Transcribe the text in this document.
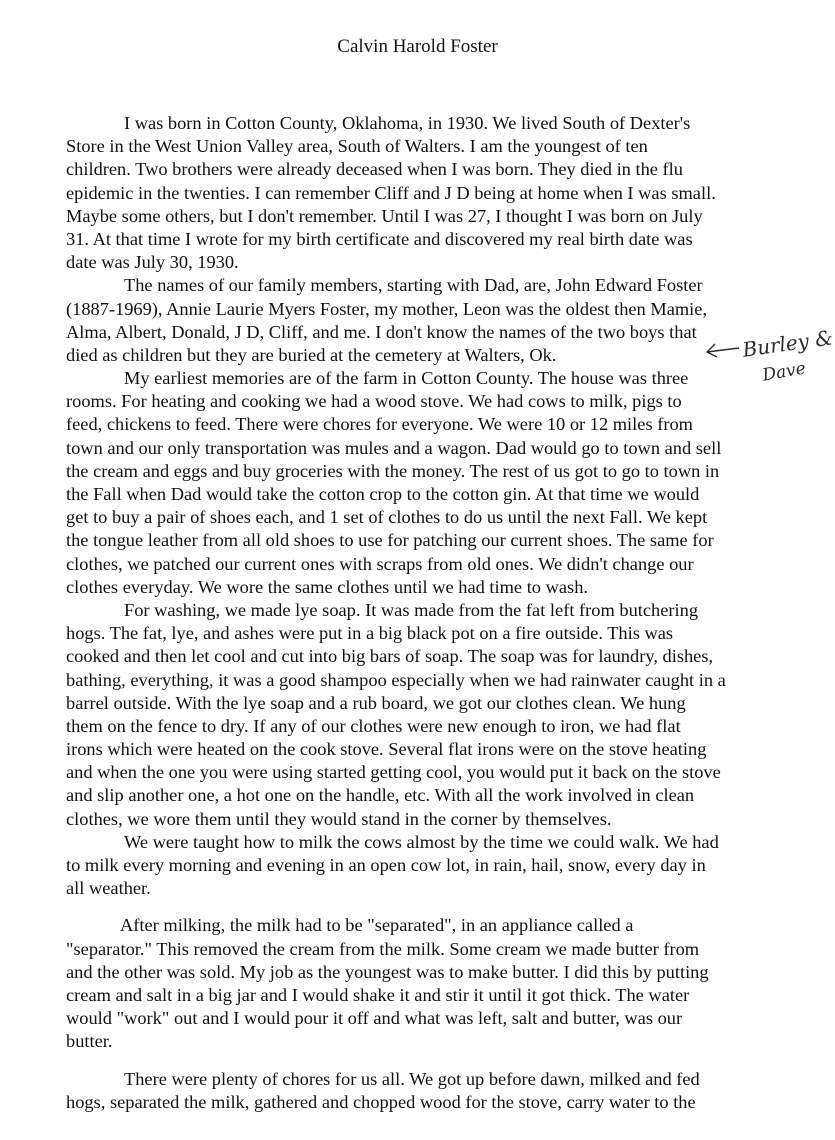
Calvin Harold Foster
I was born in Cotton County, Oklahoma, in 1930. We lived South of Dexter's
Store in the West Union Valley area, South of Walters. I am the youngest of ten
children. Two brothers were already deceased when I was born. They died in the flu
epidemic in the twenties. I can remember Cliff and J D being at home when I was small.
Maybe some others, but I don't remember. Until I was 27, I thought I was born on July
31. At that time I wrote for my birth certificate and discovered my real birth date was
date was July 30, 1930.
The names of our family members, starting with Dad, are, John Edward Foster
(1887-1969), Annie Laurie Myers Foster, my mother, Leon was the oldest then Mamie,
Alma, Albert, Donald, J D, Cliff, and me. I don't know the names of the two boys that
died as children but they are buried at the cemetery at Walters, Ok.
My earliest memories are of the farm in Cotton County. The house was three
rooms. For heating and cooking we had a wood stove. We had cows to milk, pigs to
feed, chickens to feed. There were chores for everyone. We were 10 or 12 miles from
town and our only transportation was mules and a wagon. Dad would go to town and sell
the cream and eggs and buy groceries with the money. The rest of us got to go to town in
the Fall when Dad would take the cotton crop to the cotton gin. At that time we would
get to buy a pair of shoes each, and 1 set of clothes to do us until the next Fall. We kept
the tongue leather from all old shoes to use for patching our current shoes. The same for
clothes, we patched our current ones with scraps from old ones. We didn't change our
clothes everyday. We wore the same clothes until we had time to wash.
For washing, we made lye soap. It was made from the fat left from butchering
hogs. The fat, lye, and ashes were put in a big black pot on a fire outside. This was
cooked and then let cool and cut into big bars of soap. The soap was for laundry, dishes,
bathing, everything, it was a good shampoo especially when we had rainwater caught in a
barrel outside. With the lye soap and a rub board, we got our clothes clean. We hung
them on the fence to dry. If any of our clothes were new enough to iron, we had flat
irons which were heated on the cook stove. Several flat irons were on the stove heating
and when the one you were using started getting cool, you would put it back on the stove
and slip another one, a hot one on the handle, etc. With all the work involved in clean
clothes, we wore them until they would stand in the corner by themselves.
We were taught how to milk the cows almost by the time we could walk. We had
to milk every morning and evening in an open cow lot, in rain, hail, snow, every day in
all weather.
After milking, the milk had to be "separated", in an appliance called a
"separator." This removed the cream from the milk. Some cream we made butter from
and the other was sold. My job as the youngest was to make butter. I did this by putting
cream and salt in a big jar and I would shake it and stir it until it got thick. The water
would "work" out and I would pour it off and what was left, salt and butter, was our
butter.
There were plenty of chores for us all. We got up before dawn, milked and fed
hogs, separated the milk, gathered and chopped wood for the stove, carry water to the
Burley &
Dave
